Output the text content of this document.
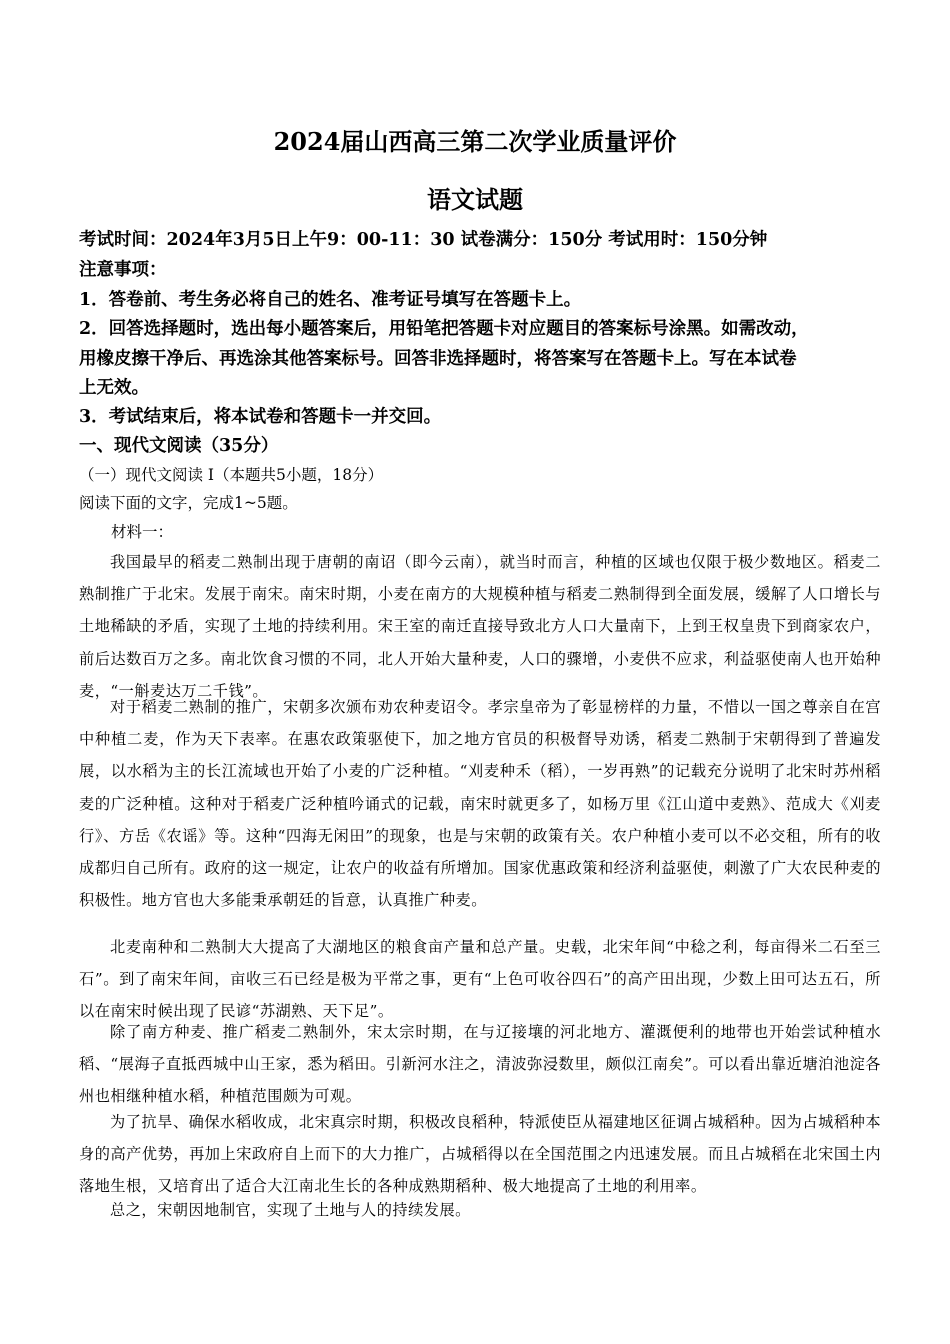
2024届山西高三第二次学业质量评价
语文试题
考试时间：2024年3月5日上午9：00-11：30 试卷满分：150分 考试用时：150分钟
注意事项：
1．答卷前、考生务必将自己的姓名、准考证号填写在答题卡上。
2．回答选择题时，选出每小题答案后，用铅笔把答题卡对应题目的答案标号涂黑。如需改动，
用橡皮擦干净后、再选涂其他答案标号。回答非选择题时，将答案写在答题卡上。写在本试卷
上无效。
3．考试结束后，将本试卷和答题卡一并交回。
一、现代文阅读（35分）
（一）现代文阅读 I（本题共5小题，18分）
阅读下面的文字，完成1~5题。
材料一：
我国最早的稻麦二熟制出现于唐朝的南诏（即今云南），就当时而言，种植的区域也仅限于极少数地区。稻麦二熟制推广于北宋。发展于南宋。南宋时期，小麦在南方的大规模种植与稻麦二熟制得到全面发展，缓解了人口增长与土地稀缺的矛盾，实现了土地的持续利用。宋王室的南迁直接导致北方人口大量南下，上到王权皇贵下到商家农户，前后达数百万之多。南北饮食习惯的不同，北人开始大量种麦，人口的骤增，小麦供不应求，利益驱使南人也开始种麦，“一斛麦达万二千钱”。
对于稻麦二熟制的推广，宋朝多次颁布劝农种麦诏令。孝宗皇帝为了彰显榜样的力量，不惜以一国之尊亲自在宫中种植二麦，作为天下表率。在惠农政策驱使下，加之地方官员的积极督导劝诱，稻麦二熟制于宋朝得到了普遍发展，以水稻为主的长江流域也开始了小麦的广泛种植。“刈麦种禾（稻），一岁再熟”的记载充分说明了北宋时苏州稻麦的广泛种植。这种对于稻麦广泛种植吟诵式的记载，南宋时就更多了，如杨万里《江山道中麦熟》、范成大《刈麦行》、方岳《农谣》等。这种“四海无闲田”的现象，也是与宋朝的政策有关。农户种植小麦可以不必交租，所有的收成都归自己所有。政府的这一规定，让农户的收益有所增加。国家优惠政策和经济利益驱使，刺激了广大农民种麦的积极性。地方官也大多能秉承朝廷的旨意，认真推广种麦。
北麦南种和二熟制大大提高了大湖地区的粮食亩产量和总产量。史载，北宋年间“中稔之利，每亩得米二石至三石”。到了南宋年间，亩收三石已经是极为平常之事，更有“上色可收谷四石”的高产田出现，少数上田可达五石，所以在南宋时候出现了民谚“苏湖熟、天下足”。
除了南方种麦、推广稻麦二熟制外，宋太宗时期，在与辽接壤的河北地方、灌溉便利的地带也开始尝试种植水稻、“展海子直抵西城中山王家，悉为稻田。引新河水注之，清波弥浸数里，颇似江南矣”。可以看出靠近塘泊池淀各州也相继种植水稻，种植范围颇为可观。
为了抗旱、确保水稻收成，北宋真宗时期，积极改良稻种，特派使臣从福建地区征调占城稻种。因为占城稻种本身的高产优势，再加上宋政府自上而下的大力推广，占城稻得以在全国范围之内迅速发展。而且占城稻在北宋国土内落地生根，又培育出了适合大江南北生长的各种成熟期稻种、极大地提高了土地的利用率。
总之，宋朝因地制官，实现了土地与人的持续发展。
